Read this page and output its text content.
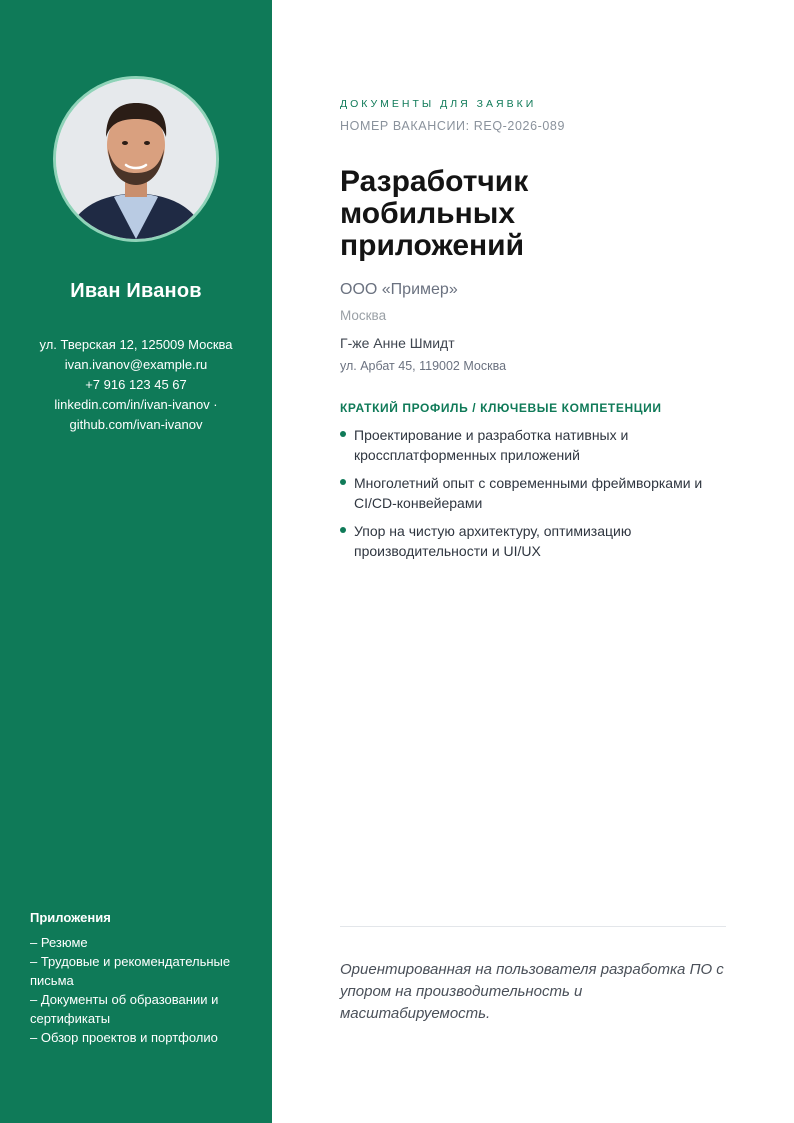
Иван Иванов
ул. Тверская 12, 125009 Москва
ivan.ivanov@example.ru
+7 916 123 45 67
linkedin.com/in/ivan-ivanov ·
github.com/ivan-ivanov
Приложения
– Резюме
– Трудовые и рекомендательные письма
– Документы об образовании и сертификаты
– Обзор проектов и портфолио
ДОКУМЕНТЫ ДЛЯ ЗАЯВКИ
НОМЕР ВАКАНСИИ: REQ-2026-089
Разработчик мобильных приложений
ООО «Пример»
Москва
Г-же Анне Шмидт
ул. Арбат 45, 119002 Москва
КРАТКИЙ ПРОФИЛЬ / КЛЮЧЕВЫЕ КОМПЕТЕНЦИИ
Проектирование и разработка нативных и кроссплатформенных приложений
Многолетний опыт с современными фреймворками и CI/CD-конвейерами
Упор на чистую архитектуру, оптимизацию производительности и UI/UX
Ориентированная на пользователя разработка ПО с упором на производительность и масштабируемость.
